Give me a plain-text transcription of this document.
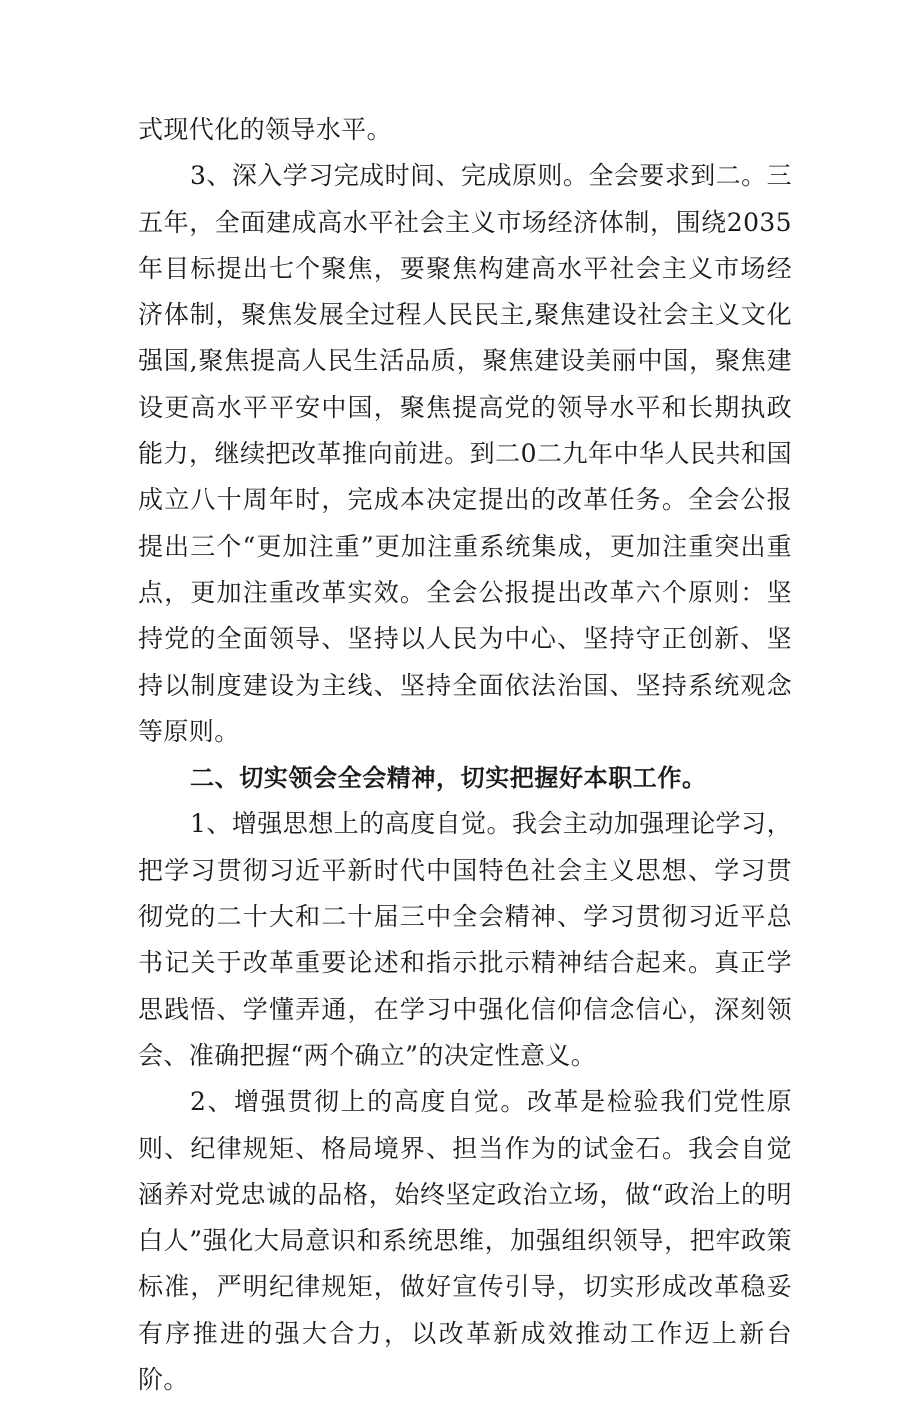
式现代化的领导水平。

3、深入学习完成时间、完成原则。全会要求到二。三五年，全面建成高水平社会主义市场经济体制，围绕2035年目标提出七个聚焦，要聚焦构建高水平社会主义市场经济体制，聚焦发展全过程人民民主,聚焦建设社会主义文化强国,聚焦提高人民生活品质，聚焦建设美丽中国，聚焦建设更高水平平安中国，聚焦提高党的领导水平和长期执政能力，继续把改革推向前进。到二0二九年中华人民共和国成立八十周年时，完成本决定提出的改革任务。全会公报提出三个“更加注重”更加注重系统集成，更加注重突出重点，更加注重改革实效。全会公报提出改革六个原则：坚持党的全面领导、坚持以人民为中心、坚持守正创新、坚持以制度建设为主线、坚持全面依法治国、坚持系统观念等原则。

二、切实领会全会精神，切实把握好本职工作。

1、增强思想上的高度自觉。我会主动加强理论学习，把学习贯彻习近平新时代中国特色社会主义思想、学习贯彻党的二十大和二十届三中全会精神、学习贯彻习近平总书记关于改革重要论述和指示批示精神结合起来。真正学思践悟、学懂弄通，在学习中强化信仰信念信心，深刻领会、准确把握“两个确立”的决定性意义。

2、增强贯彻上的高度自觉。改革是检验我们党性原则、纪律规矩、格局境界、担当作为的试金石。我会自觉涵养对党忠诚的品格，始终坚定政治立场，做“政治上的明白人”强化大局意识和系统思维，加强组织领导，把牢政策标准，严明纪律规矩，做好宣传引导，切实形成改革稳妥有序推进的强大合力，以改革新成效推动工作迈上新台阶。
